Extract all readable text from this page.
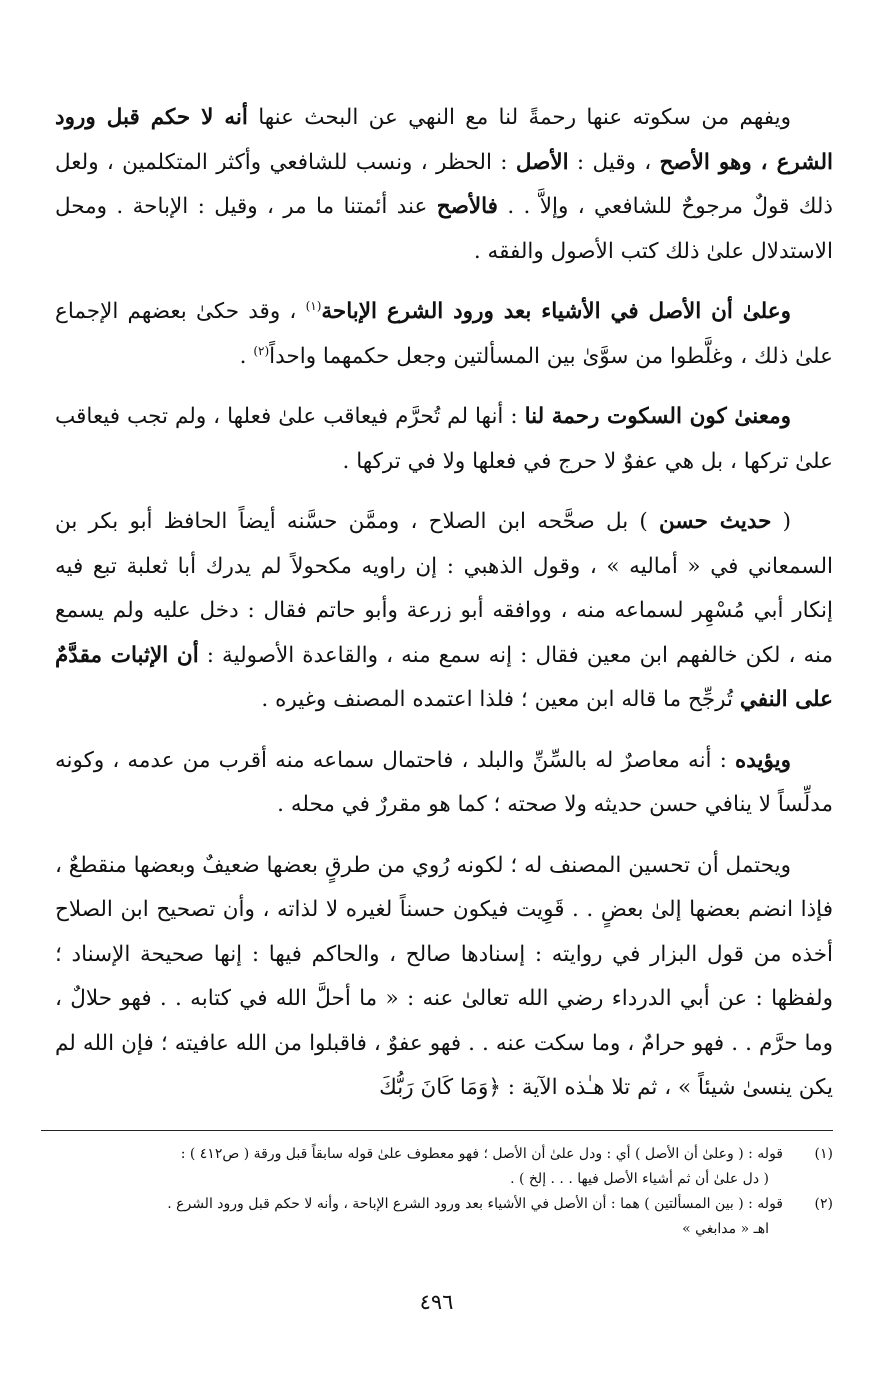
ويفهم من سكوته عنها رحمةً لنا مع النهي عن البحث عنها أنه لا حكم قبل ورود الشرع ، وهو الأصح ، وقيل : الأصل : الحظر ، ونسب للشافعي وأكثر المتكلمين ، ولعل ذلك قولٌ مرجوحٌ للشافعي ، وإلاَّ . . فالأصح عند أئمتنا ما مر ، وقيل : الإباحة . ومحل الاستدلال علىٰ ذلك كتب الأصول والفقه .

وعلىٰ أن الأصل في الأشياء بعد ورود الشرع الإباحة$^{(١)}$ ، وقد حكىٰ بعضهم الإجماع علىٰ ذلك ، وغلَّطوا من سوَّىٰ بين المسألتين وجعل حكمهما واحداً$^{(٢)}$ .

ومعنىٰ كون السكوت رحمة لنا : أنها لم تُحرَّم فيعاقب علىٰ فعلها ، ولم تجب فيعاقب علىٰ تركها ، بل هي عفوٌ لا حرج في فعلها ولا في تركها .

( حديث حسن ) بل صحَّحه ابن الصلاح ، وممَّن حسَّنه أيضاً الحافظ أبو بكر بن السمعاني في « أماليه » ، وقول الذهبي : إن راويه مكحولاً لم يدرك أبا ثعلبة تبع فيه إنكار أبي مُسْهِر لسماعه منه ، ووافقه أبو زرعة وأبو حاتم فقال : دخل عليه ولم يسمع منه ، لكن خالفهم ابن معين فقال : إنه سمع منه ، والقاعدة الأصولية : أن الإثبات مقدَّمٌ على النفي تُرجِّح ما قاله ابن معين ؛ فلذا اعتمده المصنف وغيره .

ويؤيده : أنه معاصرٌ له بالسِّنِّ والبلد ، فاحتمال سماعه منه أقرب من عدمه ، وكونه مدلِّساً لا ينافي حسن حديثه ولا صحته ؛ كما هو مقررٌ في محله .

ويحتمل أن تحسين المصنف له ؛ لكونه رُوي من طرقٍ بعضها ضعيفٌ وبعضها منقطعٌ ، فإذا انضم بعضها إلىٰ بعضٍ . . قَوِيت فيكون حسناً لغيره لا لذاته ، وأن تصحيح ابن الصلاح أخذه من قول البزار في روايته : إسنادها صالح ، والحاكم فيها : إنها صحيحة الإسناد ؛ ولفظها : عن أبي الدرداء رضي الله تعالىٰ عنه : « ما أحلَّ الله في كتابه . . فهو حلالٌ ، وما حرَّم . . فهو حرامٌ ، وما سكت عنه . . فهو عفوٌ ، فاقبلوا من الله عافيته ؛ فإن الله لم يكن ينسىٰ شيئاً » ، ثم تلا هـٰذه الآية : ﴿وَمَا كَانَ رَبُّكَ

(١)
قوله : ( وعلىٰ أن الأصل ) أي : ودل علىٰ أن الأصل ؛ فهو معطوف علىٰ قوله سابقاً قبل ورقة ( ص٤١٢ ) :
( دل علىٰ أن ثم أشياء الأصل فيها . . . إلخ ) .
(٢)
قوله : ( بين المسألتين ) هما : أن الأصل في الأشياء بعد ورود الشرع الإباحة ، وأنه لا حكم قبل ورود الشرع .
اهـ « مدابغي »
٤٩٦
